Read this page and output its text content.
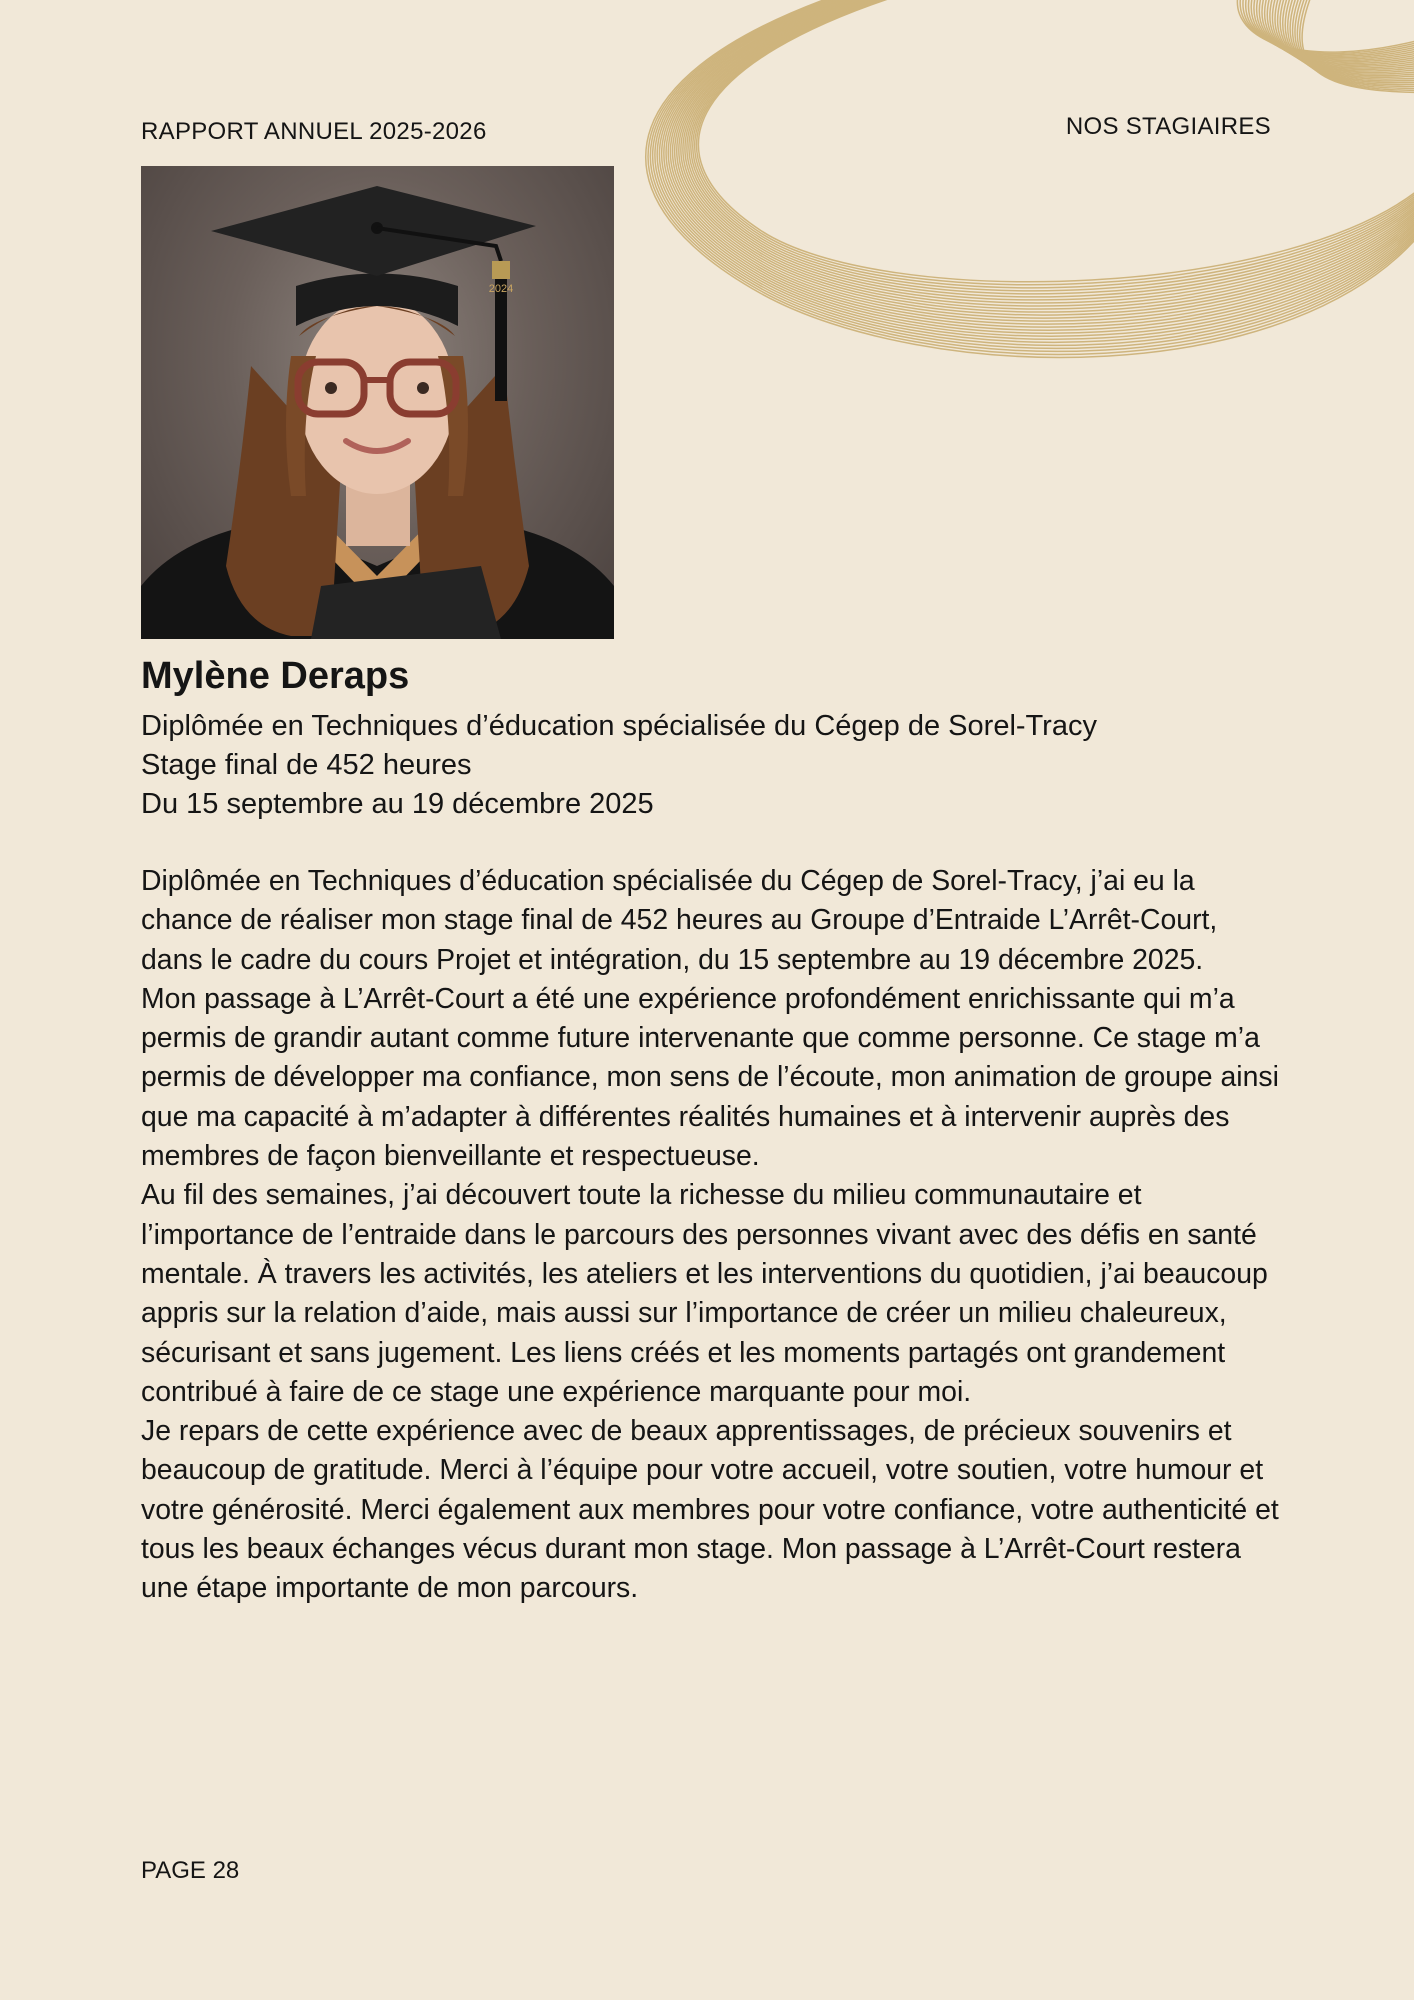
RAPPORT ANNUEL 2025-2026	NOS STAGIAIRES
2024
Mylène Deraps
Diplômée en Techniques d’éducation spécialisée du Cégep de Sorel-Tracy
Stage final de 452 heures
Du 15 septembre au 19 décembre 2025

Diplômée en Techniques d’éducation spécialisée du Cégep de Sorel-Tracy, j’ai eu la chance de réaliser mon stage final de 452 heures au Groupe d’Entraide L’Arrêt-Court, dans le cadre du cours Projet et intégration, du 15 septembre au 19 décembre 2025.

Mon passage à L’Arrêt-Court a été une expérience profondément enrichissante qui m’a permis de grandir autant comme future intervenante que comme personne. Ce stage m’a permis de développer ma confiance, mon sens de l’écoute, mon animation de groupe ainsi que ma capacité à m’adapter à différentes réalités humaines et à intervenir auprès des membres de façon bienveillante et respectueuse.

Au fil des semaines, j’ai découvert toute la richesse du milieu communautaire et l’importance de l’entraide dans le parcours des personnes vivant avec des défis en santé mentale. À travers les activités, les ateliers et les interventions du quotidien, j’ai beaucoup appris sur la relation d’aide, mais aussi sur l’importance de créer un milieu chaleureux, sécurisant et sans jugement. Les liens créés et les moments partagés ont grandement contribué à faire de ce stage une expérience marquante pour moi.

Je repars de cette expérience avec de beaux apprentissages, de précieux souvenirs et beaucoup de gratitude. Merci à l’équipe pour votre accueil, votre soutien, votre humour et votre générosité. Merci également aux membres pour votre confiance, votre authenticité et tous les beaux échanges vécus durant mon stage. Mon passage à L’Arrêt-Court restera une étape importante de mon parcours.

PAGE 28
